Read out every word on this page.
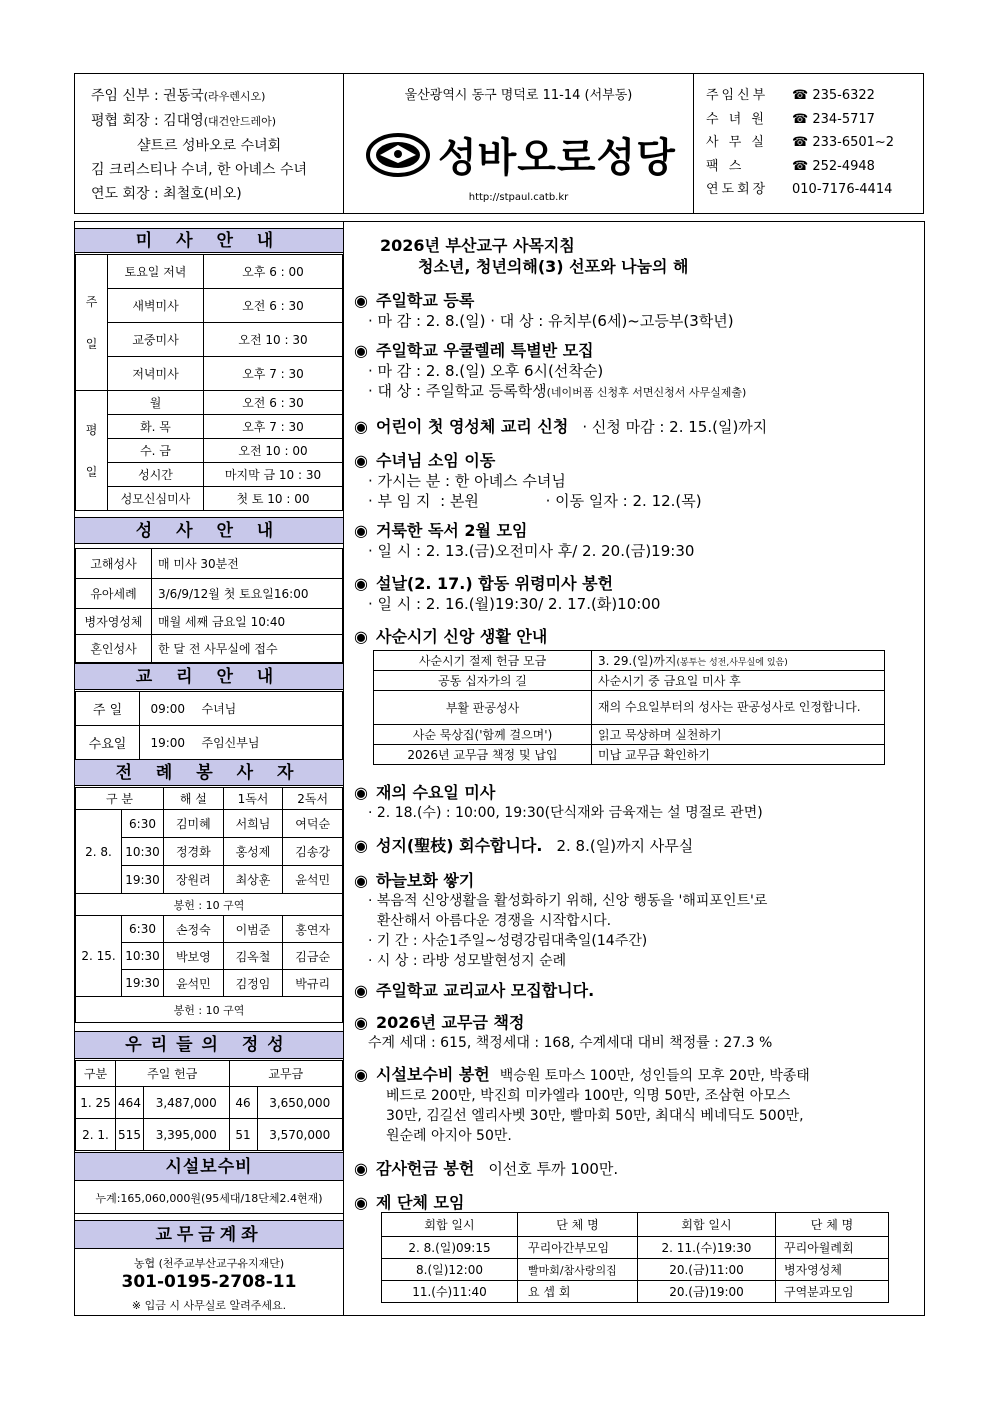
주임 신부 : 권동국(라우렌시오)
평협 회장 : 김대영(대건안드레아)
샬트르 성바오로 수녀회
김 크리스티나 수녀, 한 아녜스 수녀
연도 회장 : 최철호(비오)
울산광역시 동구 명덕로 11-14 (서부동)
성바오로성당
http://stpaul.catb.kr
주임신부	☎ 235-6322
수 녀 원	☎ 234-5717
사 무 실	☎ 233-6501~2
팩 스	☎ 252-4948
연도회장	010-7176-4414
미 사 안 내
주
일	토요일 저녁	오후 6 : 00
	새벽미사	오전 6 : 30
	교중미사	오전 10 : 30
	저녁미사	오후 7 : 30
평
일	월	오전 6 : 30
	화. 목	오후 7 : 30
	수. 금	오전 10 : 00
	성시간	마지막 금 10 : 30
	성모신심미사	첫 토 10 : 00
성 사 안 내
고해성사	매 미사 30분전
유아세례	3/6/9/12월 첫 토요일16:00
병자영성체	매월 세째 금요일 10:40
혼인성사	한 달 전 사무실에 접수
교 리 안 내
주 일	09:00	수녀님
수요일	19:00	주임신부님
전 례 봉 사 자
구 분		해 설	1독서	2독서
2. 8.	6:30	김미혜	서희님	여덕순
	10:30	정경화	홍성제	김송강
	19:30	장원려	최상훈	윤석민
봉헌 : 10 구역				
2. 15.	6:30	손정숙	이범준	홍연자
	10:30	박보영	김옥철	김금순
	19:30	윤석민	김정임	박규리
봉헌 : 10 구역				
우리들의 정성
구분	주일 헌금		교무금	
1. 25	464	3,487,000	46	3,650,000
2. 1.	515	3,395,000	51	3,570,000
시설보수비
누계:165,060,000원(95세대/18단체2.4현재)
교무금계좌
농협 (천주교부산교구유지재단)
301-0195-2708-11
※ 입금 시 사무실로 알려주세요.
2026년 부산교구 사목지침
청소년, 청년의해(3) 선포와 나눔의 해
◉ 주일학교 등록
· 마 감 : 2. 8.(일) · 대 상 : 유치부(6세)~고등부(3학년)
◉ 주일학교 우쿨렐레 특별반 모집
· 마 감 : 2. 8.(일) 오후 6시(선착순)
· 대 상 : 주일학교 등록학생(네이버폼 신청후 서면신청서 사무실제출)
◉ 어린이 첫 영성체 교리 신청 · 신청 마감 : 2. 15.(일)까지
◉ 수녀님 소임 이동
· 가시는 분 : 한 아녜스 수녀님
· 부 임 지  : 본원              · 이동 일자 : 2. 12.(목)
◉ 거룩한 독서 2월 모임
· 일 시 : 2. 13.(금)오전미사 후/ 2. 20.(금)19:30
◉ 설날(2. 17.) 합동 위령미사 봉헌
· 일 시 : 2. 16.(월)19:30/ 2. 17.(화)10:00
◉ 사순시기 신앙 생활 안내
사순시기 절제 헌금 모금	3. 29.(일)까지(봉투는 성전,사무실에 있음)
공동 십자가의 길	사순시기 중 금요일 미사 후
부활 판공성사	재의 수요일부터의 성사는 판공성사로 인정합니다.
사순 묵상집('함께 걸으며')	읽고 묵상하며 실천하기
2026년 교무금 책정 및 납입	미납 교무금 확인하기
◉ 재의 수요일 미사
· 2. 18.(수) : 10:00, 19:30(단식재와 금육재는 설 명절로 관면)
◉ 성지(聖枝) 회수합니다. 2. 8.(일)까지 사무실
◉ 하늘보화 쌓기
· 복음적 신앙생활을 활성화하기 위해, 신앙 행동을 '해피포인트'로
환산해서 아름다운 경쟁을 시작합시다.
· 기 간 : 사순1주일~성령강림대축일(14주간)
· 시 상 : 라방 성모발현성지 순례
◉ 주일학교 교리교사 모집합니다.
◉ 2026년 교무금 책정
수계 세대 : 615, 책정세대 : 168, 수계세대 대비 책정률 : 27.3 %
◉ 시설보수비 봉헌 백승원 토마스 100만, 성인들의 모후 20만, 박종태
베드로 200만, 박진희 미카엘라 100만, 익명 50만, 조삼현 아모스
30만, 김길선 엘리사벳 30만, 빨마회 50만, 최대식 베네딕도 500만,
원순례 아지아 50만.
◉ 감사헌금 봉헌 이선호 투까 100만.
◉ 제 단체 모임
회합 일시	단 체 명	회합 일시	단 체 명
2. 8.(일)09:15	꾸리아간부모임	2. 11.(수)19:30	꾸리아월례회
8.(일)12:00	빨마회/참사랑의집	20.(금)11:00	병자영성체
11.(수)11:40	요 셉 회	20.(금)19:00	구역분과모임
